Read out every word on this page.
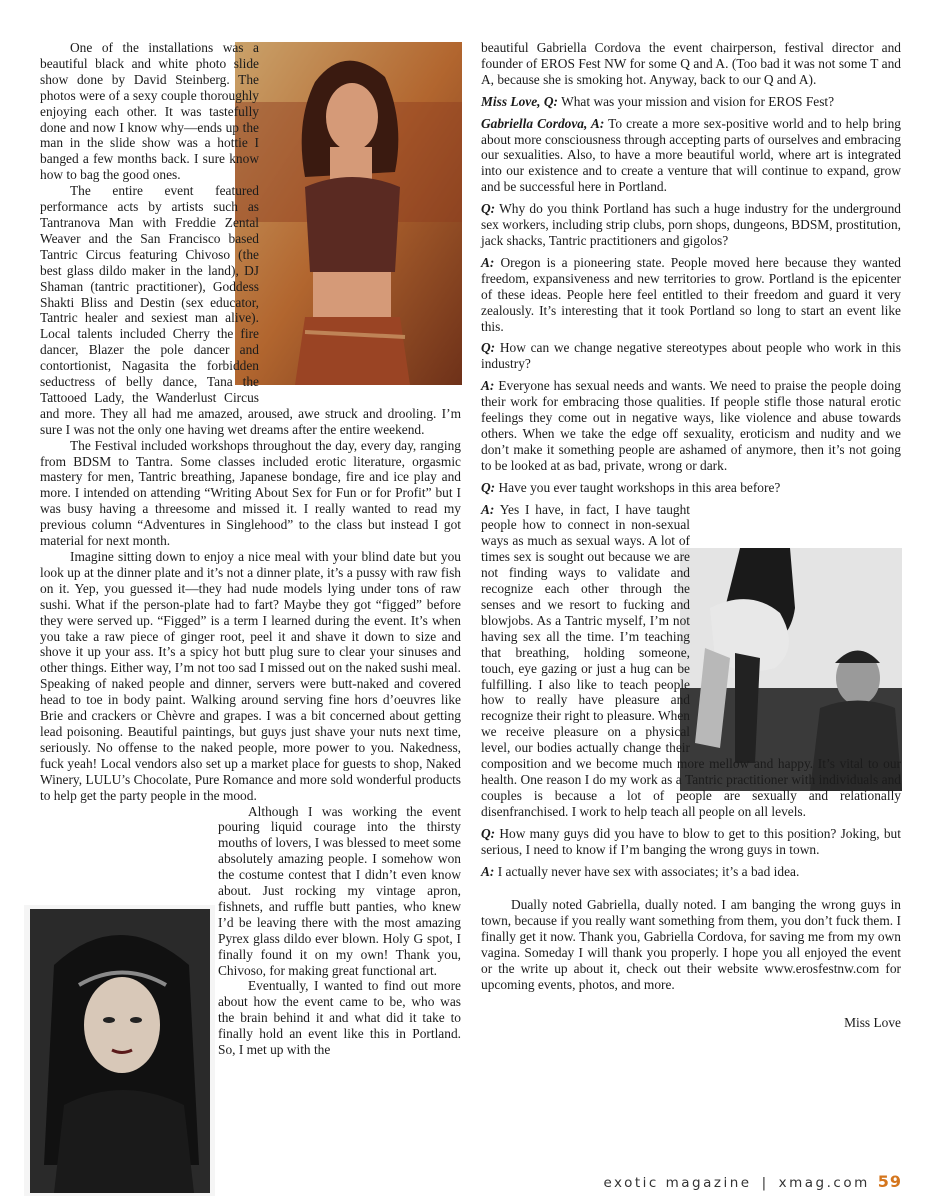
One of the installations was a beautiful black and white photo slide show done by David Steinberg. The photos were of a sexy couple thoroughly enjoying each other. It was tastefully done and now I know why—ends up the man in the slide show was a hottie I banged a few months back. I sure know how to bag the good ones.

The entire event featured performance acts by artists such as Tantranova Man with Freddie Zental Weaver and the San Francisco based Tantric Circus featuring Chivoso (the best glass dildo maker in the land), DJ Shaman (tantric practitioner), Goddess Shakti Bliss and Destin (sex educator, Tantric healer and sexiest man alive). Local talents included Cherry the fire dancer, Blazer the pole dancer and contortionist, Nagasita the forbidden seductress of belly dance, Tana the Tattooed Lady, the Wanderlust Circus and more. They all had me amazed, aroused, awe struck and drooling. I’m sure I was not the only one having wet dreams after the entire weekend.

The Festival included workshops throughout the day, every day, ranging from BDSM to Tantra. Some classes included erotic literature, orgasmic mastery for men, Tantric breathing, Japanese bondage, fire and ice play and more. I intended on attending “Writing About Sex for Fun or for Profit” but I was busy having a threesome and missed it. I really wanted to read my previous column “Adventures in Singlehood” to the class but instead I got material for next month.

Imagine sitting down to enjoy a nice meal with your blind date but you look up at the dinner plate and it’s not a dinner plate, it’s a pussy with raw fish on it. Yep, you guessed it—they had nude models lying under tons of raw sushi. What if the person-plate had to fart? Maybe they got “figged” before they were served up. “Figged” is a term I learned during the event. It’s when you take a raw piece of ginger root, peel it and shave it down to size and shove it up your ass. It’s a spicy hot butt plug sure to clear your sinuses and other things. Either way, I’m not too sad I missed out on the naked sushi meal. Speaking of naked people and dinner, servers were butt-naked and covered head to toe in body paint. Walking around serving fine hors d’oeuvres like Brie and crackers or Chèvre and grapes. I was a bit concerned about getting lead poisoning. Beautiful paintings, but guys just shave your nuts next time, seriously. No offense to the naked people, more power to you. Nakedness, fuck yeah! Local vendors also set up a market place for guests to shop, Naked Winery, LULU’s Chocolate, Pure Romance and more sold wonderful products to help get the party people in the mood.

Although I was working the event pouring liquid courage into the thirsty mouths of lovers, I was blessed to meet some absolutely amazing people. I somehow won the costume contest that I didn’t even know about. Just rocking my vintage apron, fishnets, and ruffle butt panties, who knew I’d be leaving there with the most amazing Pyrex glass dildo ever blown. Holy G spot, I finally found it on my own! Thank you, Chivoso, for making great functional art.

Eventually, I wanted to find out more about how the event came to be, who was the brain behind it and what did it take to finally hold an event like this in Portland. So, I met up with the

beautiful Gabriella Cordova the event chairperson, festival director and founder of EROS Fest NW for some Q and A. (Too bad it was not some T and A, because she is smoking hot. Anyway, back to our Q and A).

Miss Love, Q: What was your mission and vision for EROS Fest?

Gabriella Cordova, A: To create a more sex-positive world and to help bring about more consciousness through accepting parts of ourselves and embracing our sexualities. Also, to have a more beautiful world, where art is integrated into our existence and to create a venture that will continue to expand, grow and be successful here in Portland.

Q: Why do you think Portland has such a huge industry for the underground sex workers, including strip clubs, porn shops, dungeons, BDSM, prostitution, jack shacks, Tantric practitioners and gigolos?

A: Oregon is a pioneering state. People moved here because they wanted freedom, expansiveness and new territories to grow. Portland is the epicenter of these ideas. People here feel entitled to their freedom and guard it very zealously. It’s interesting that it took Portland so long to start an event like this.

Q: How can we change negative stereotypes about people who work in this industry?

A: Everyone has sexual needs and wants. We need to praise the people doing their work for embracing those qualities. If people stifle those natural erotic feelings they come out in negative ways, like violence and abuse towards others. When we take the edge off sexuality, eroticism and nudity and we don’t make it something people are ashamed of anymore, then it’s not going to be looked at as bad, private, wrong or dark.

Q: Have you ever taught workshops in this area before?

A: Yes I have, in fact, I have taught people how to connect in non-sexual ways as much as sexual ways. A lot of times sex is sought out because we are not finding ways to validate and recognize each other through the senses and we resort to fucking and blowjobs. As a Tantric myself, I’m not having sex all the time. I’m teaching that breathing, holding someone, touch, eye gazing or just a hug can be fulfilling. I also like to teach people how to really have pleasure and recognize their right to pleasure. When we receive pleasure on a physical level, our bodies actually change their composition and we become much more mellow and happy. It’s vital to our health. One reason I do my work as a Tantric practitioner with individuals and couples is because a lot of people are sexually and relationally disenfranchised. I work to help teach all people on all levels.

Q: How many guys did you have to blow to get to this position? Joking, but serious, I need to know if I’m banging the wrong guys in town.

A: I actually never have sex with associates; it’s a bad idea.

Dually noted Gabriella, dually noted. I am banging the wrong guys in town, because if you really want something from them, you don’t fuck them. I finally get it now. Thank you, Gabriella Cordova, for saving me from my own vagina. Someday I will thank you properly. I hope you all enjoyed the event or the write up about it, check out their website www.erosfestnw.com for upcoming events, photos, and more.

Miss Love

exotic magazine | xmag.com 59
